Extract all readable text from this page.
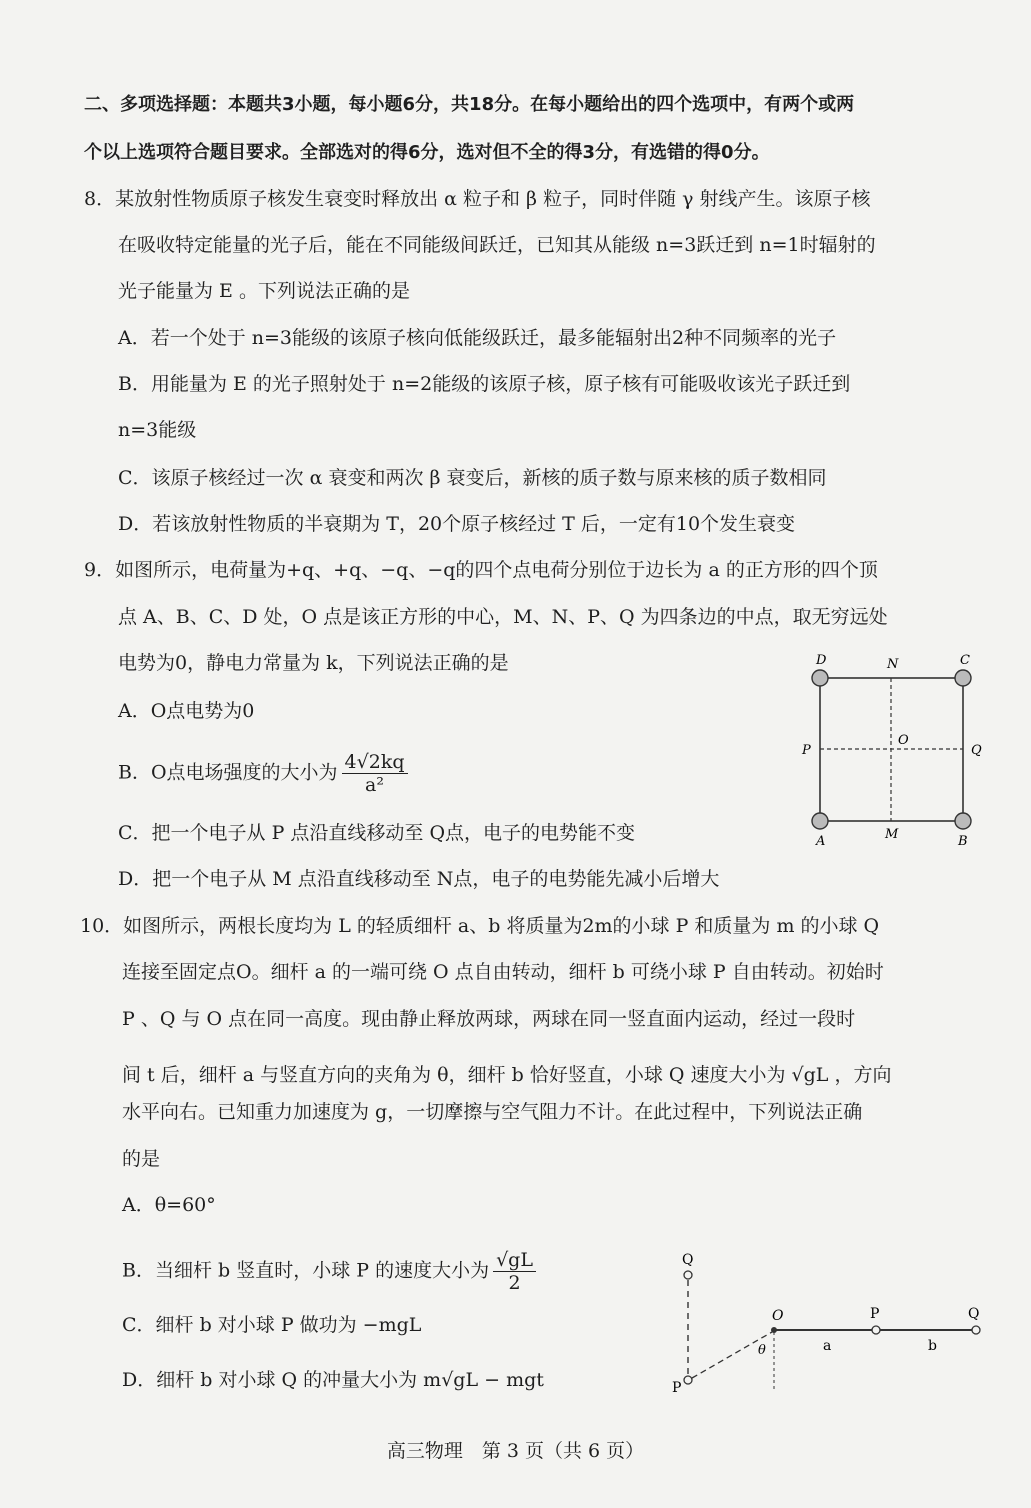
二、多项选择题：本题共3小题，每小题6分，共18分。在每小题给出的四个选项中，有两个或两
个以上选项符合题目要求。全部选对的得6分，选对但不全的得3分，有选错的得0分。
8．某放射性物质原子核发生衰变时释放出 α 粒子和 β 粒子，同时伴随 γ 射线产生。该原子核
在吸收特定能量的光子后，能在不同能级间跃迁，已知其从能级 n=3跃迁到 n=1时辐射的
光子能量为 E 。下列说法正确的是
A．若一个处于 n=3能级的该原子核向低能级跃迁，最多能辐射出2种不同频率的光子
B．用能量为 E 的光子照射处于 n=2能级的该原子核，原子核有可能吸收该光子跃迁到
n=3能级
C．该原子核经过一次 α 衰变和两次 β 衰变后，新核的质子数与原来核的质子数相同
D．若该放射性物质的半衰期为 T，20个原子核经过 T 后，一定有10个发生衰变
9．如图所示，电荷量为+q、+q、−q、−q的四个点电荷分别位于边长为 a 的正方形的四个顶
点 A、B、C、D 处，O 点是该正方形的中心，M、N、P、Q 为四条边的中点，取无穷远处
电势为0，静电力常量为 k，下列说法正确的是
A．O点电势为0
B．O点电场强度的大小为 $\frac{4√2kq}{\text{a²}}$
C．把一个电子从 P 点沿直线移动至 Q点，电子的电势能不变
D．把一个电子从 M 点沿直线移动至 N点，电子的电势能先减小后增大
D	N	C
P
O
Q
A	M	B
10．如图所示，两根长度均为 L 的轻质细杆 a、b 将质量为2m的小球 P 和质量为 m 的小球 Q
连接至固定点O。细杆 a 的一端可绕 O 点自由转动，细杆 b 可绕小球 P 自由转动。初始时
P 、Q 与 O 点在同一高度。现由静止释放两球，两球在同一竖直面内运动，经过一段时
间 t 后，细杆 a 与竖直方向的夹角为 θ，细杆 b 恰好竖直，小球 Q 速度大小为 √gL ，方向
水平向右。已知重力加速度为 g，一切摩擦与空气阻力不计。在此过程中，下列说法正确
的是
A．θ=60°
B．当细杆 b 竖直时，小球 P 的速度大小为 $\frac{√gL}{2}$
C．细杆 b 对小球 P 做功为 −mgL
D．细杆 b 对小球 Q 的冲量大小为 m√gL − mgt
Q
P
O	P	Q
a	b
θ
高三物理　第 3 页（共 6 页）
